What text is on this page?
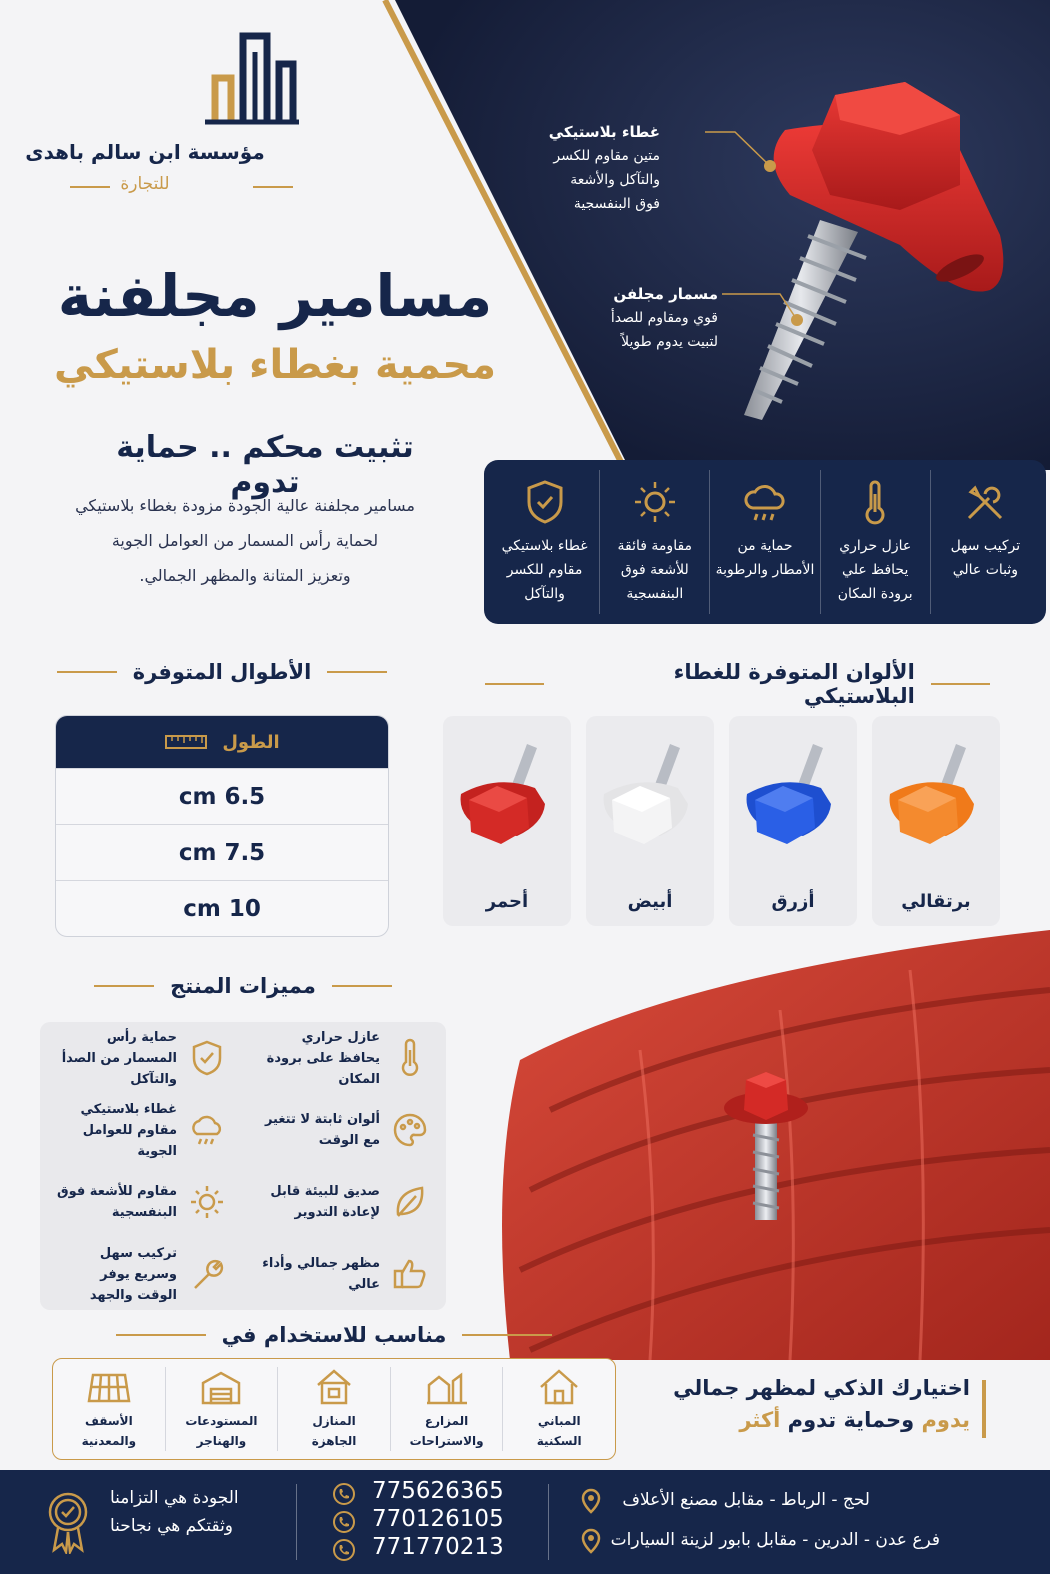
غطاء بلاستيكي
متين مقاوم للكسر
والتآكل والأشعة
فوق البنفسجية
مسمار مجلفن
قوي ومقاوم للصدأ
لتبيت يدوم طويلاً
مؤسسة ابن سالم باهدى
للتجارة
مسامير مجلفنة
محمية بغطاء بلاستيكي
تثبيت محكم .. حماية تدوم
مسامير مجلفنة عالية الجودة مزودة بغطاء بلاستيكي
لحماية رأس المسمار من العوامل الجوية
وتعزيز المتانة والمظهر الجمالي.
تركيب سهل وثبات عالي
عازل حراري يحافظ علي برودة المكان
حماية من الأمطار والرطوبة
مقاومة فائقة للأشعة فوق البنفسجية
غطاء بلاستيكي مقاوم للكسر والتآكل
الألوان المتوفرة للغطاء البلاستيكي
برتقالي
أزرق
أبيض
أحمر
الأطوال المتوفرة
الطول
6.5 cm
7.5 cm
10 cm
مميزات المنتج
عازل حراري يحافظ على برودة المكان
حماية رأس المسمار من الصدأ والتآكل
ألوان ثابتة لا تتغير مع الوقت
غطاء بلاستيكي مقاوم للعوامل الجوية
صديق للبيئة قابل لإعادة التدوير
مقاوم للأشعة فوق البنفسجية
مظهر جمالي وأداء عالي
تركيب سهل وسريع يوفر الوقت والجهد
مناسب للاستخدام في
المباني السكنية
المزارع والاستراحات
المنازل الجاهزة
المستودعات والهناجر
الأسقف والمعدنية
اختيارك الذكي لمظهر جمالي
يدوم وحماية تدوم أكثر
لحج - الرباط - مقابل مصنع الأعلاف
فرع عدن - الدرين - مقابل بابور لزينة السيارات
775626365
770126105
771770213
الجودة هي التزامنا
وثقتكم هي نجاحنا
